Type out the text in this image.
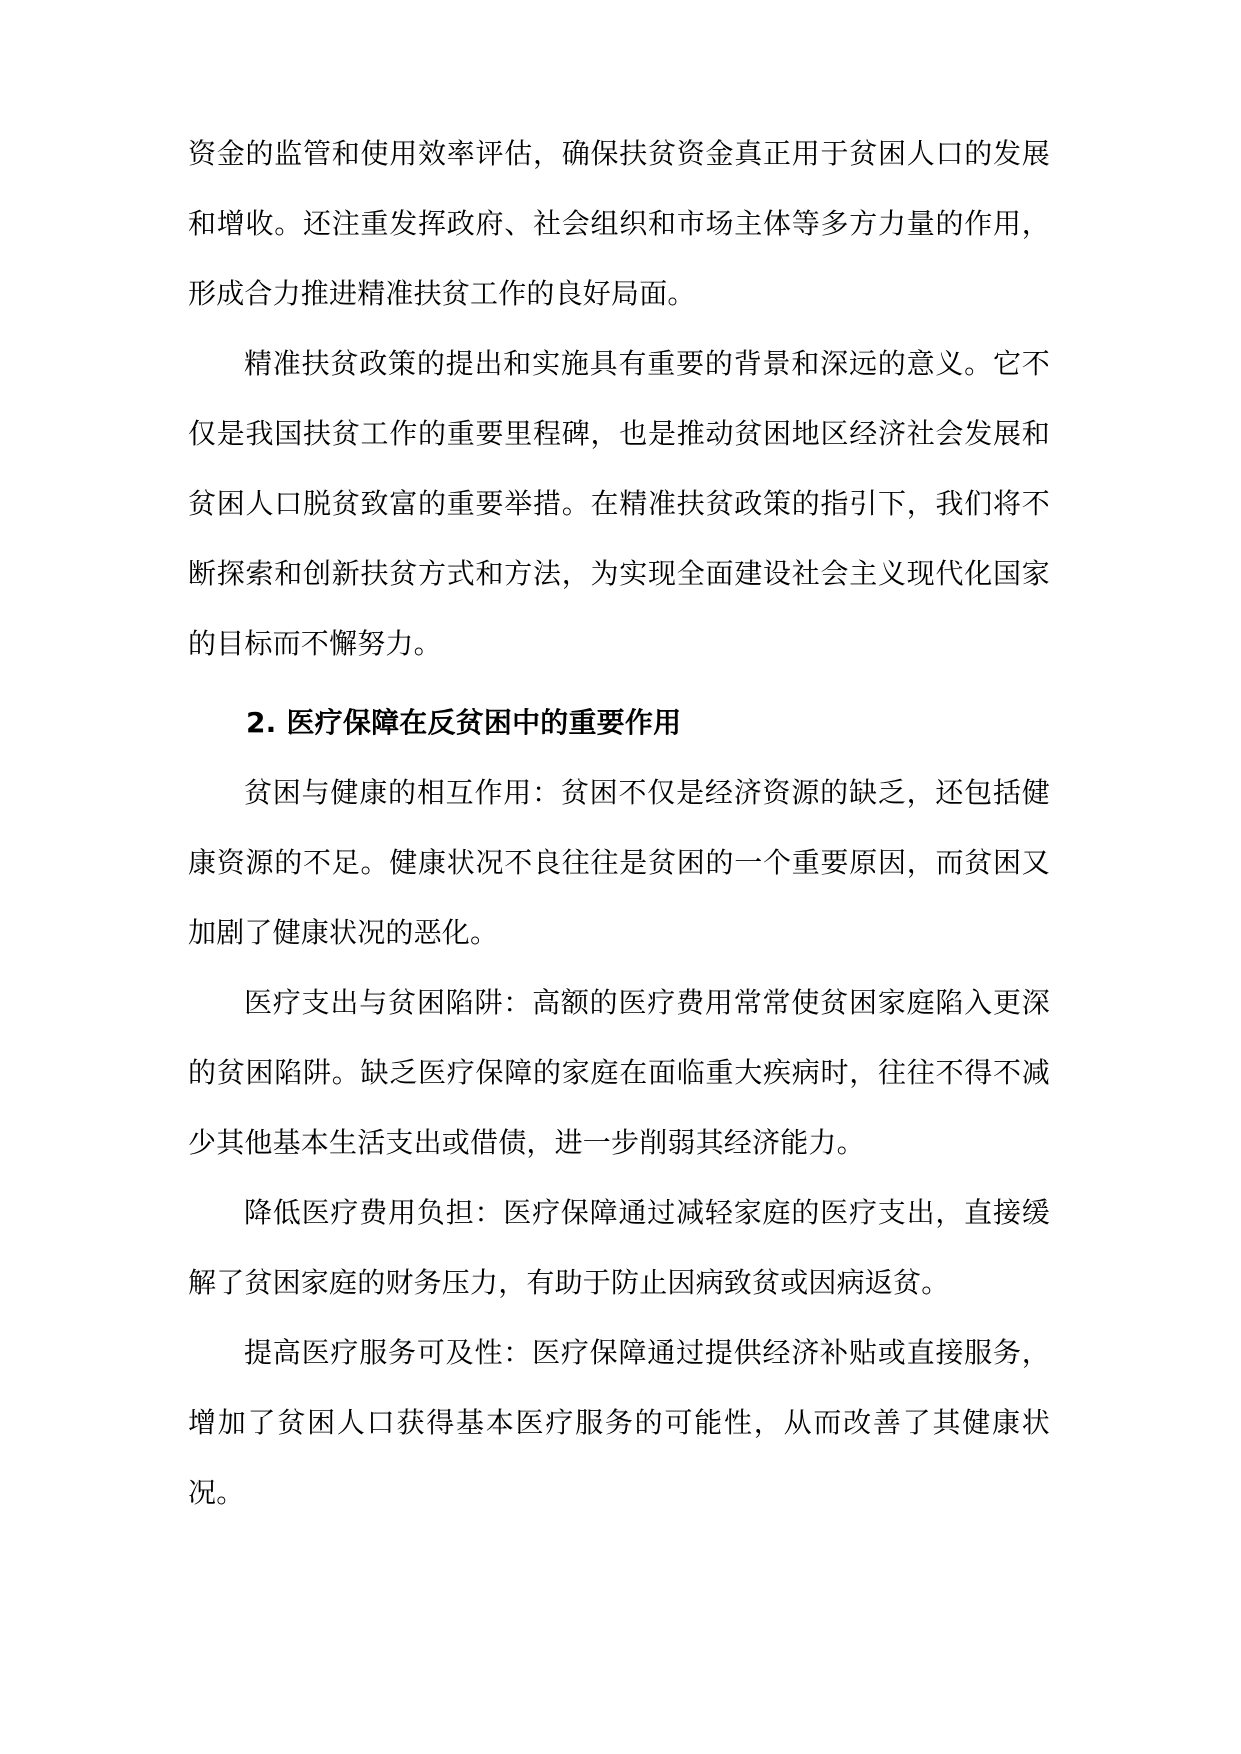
资金的监管和使用效率评估，确保扶贫资金真正用于贫困人口的发展和增收。还注重发挥政府、社会组织和市场主体等多方力量的作用，形成合力推进精准扶贫工作的良好局面。

精准扶贫政策的提出和实施具有重要的背景和深远的意义。它不仅是我国扶贫工作的重要里程碑，也是推动贫困地区经济社会发展和贫困人口脱贫致富的重要举措。在精准扶贫政策的指引下，我们将不断探索和创新扶贫方式和方法，为实现全面建设社会主义现代化国家的目标而不懈努力。

2. 医疗保障在反贫困中的重要作用

贫困与健康的相互作用：贫困不仅是经济资源的缺乏，还包括健康资源的不足。健康状况不良往往是贫困的一个重要原因，而贫困又加剧了健康状况的恶化。

医疗支出与贫困陷阱：高额的医疗费用常常使贫困家庭陷入更深的贫困陷阱。缺乏医疗保障的家庭在面临重大疾病时，往往不得不减少其他基本生活支出或借债，进一步削弱其经济能力。

降低医疗费用负担：医疗保障通过减轻家庭的医疗支出，直接缓解了贫困家庭的财务压力，有助于防止因病致贫或因病返贫。

提高医疗服务可及性：医疗保障通过提供经济补贴或直接服务，增加了贫困人口获得基本医疗服务的可能性，从而改善了其健康状况。
